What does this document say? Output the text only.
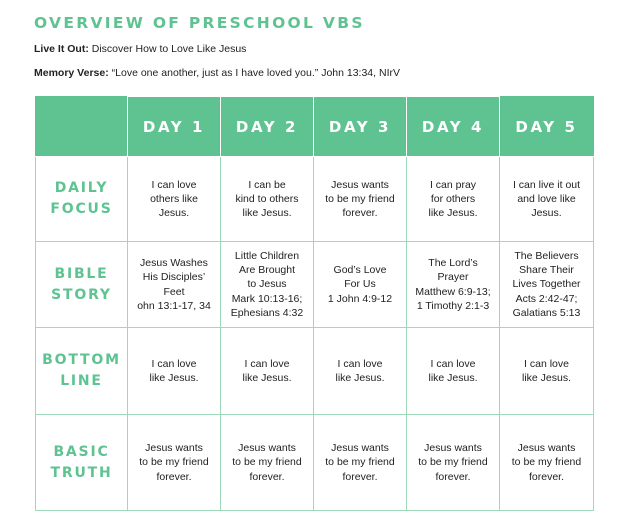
OVERVIEW OF PRESCHOOL VBS
Live It Out: Discover How to Love Like Jesus
Memory Verse: “Love one another, just as I have loved you.” John 13:34, NIrV
	DAY 1	DAY 2	DAY 3	DAY 4	DAY 5
DAILY
FOCUS	I can love
others like
Jesus.	I can be
kind to others
like Jesus.	Jesus wants
to be my friend
forever.	I can pray
for others
like Jesus.	I can live it out
and love like
Jesus.
BIBLE
STORY	Jesus Washes
His Disciples’
Feet
ohn 13:1-17, 34	Little Children
Are Brought
to Jesus
Mark 10:13-16;
Ephesians 4:32	God’s Love
For Us
1 John 4:9-12	The Lord’s
Prayer
Matthew 6:9-13;
1 Timothy 2:1-3	The Believers
Share Their
Lives Together
Acts 2:42-47;
Galatians 5:13
BOTTOM
LINE	I can love
like Jesus.	I can love
like Jesus.	I can love
like Jesus.	I can love
like Jesus.	I can love
like Jesus.
BASIC
TRUTH	Jesus wants
to be my friend
forever.	Jesus wants
to be my friend
forever.	Jesus wants
to be my friend
forever.	Jesus wants
to be my friend
forever.	Jesus wants
to be my friend
forever.
